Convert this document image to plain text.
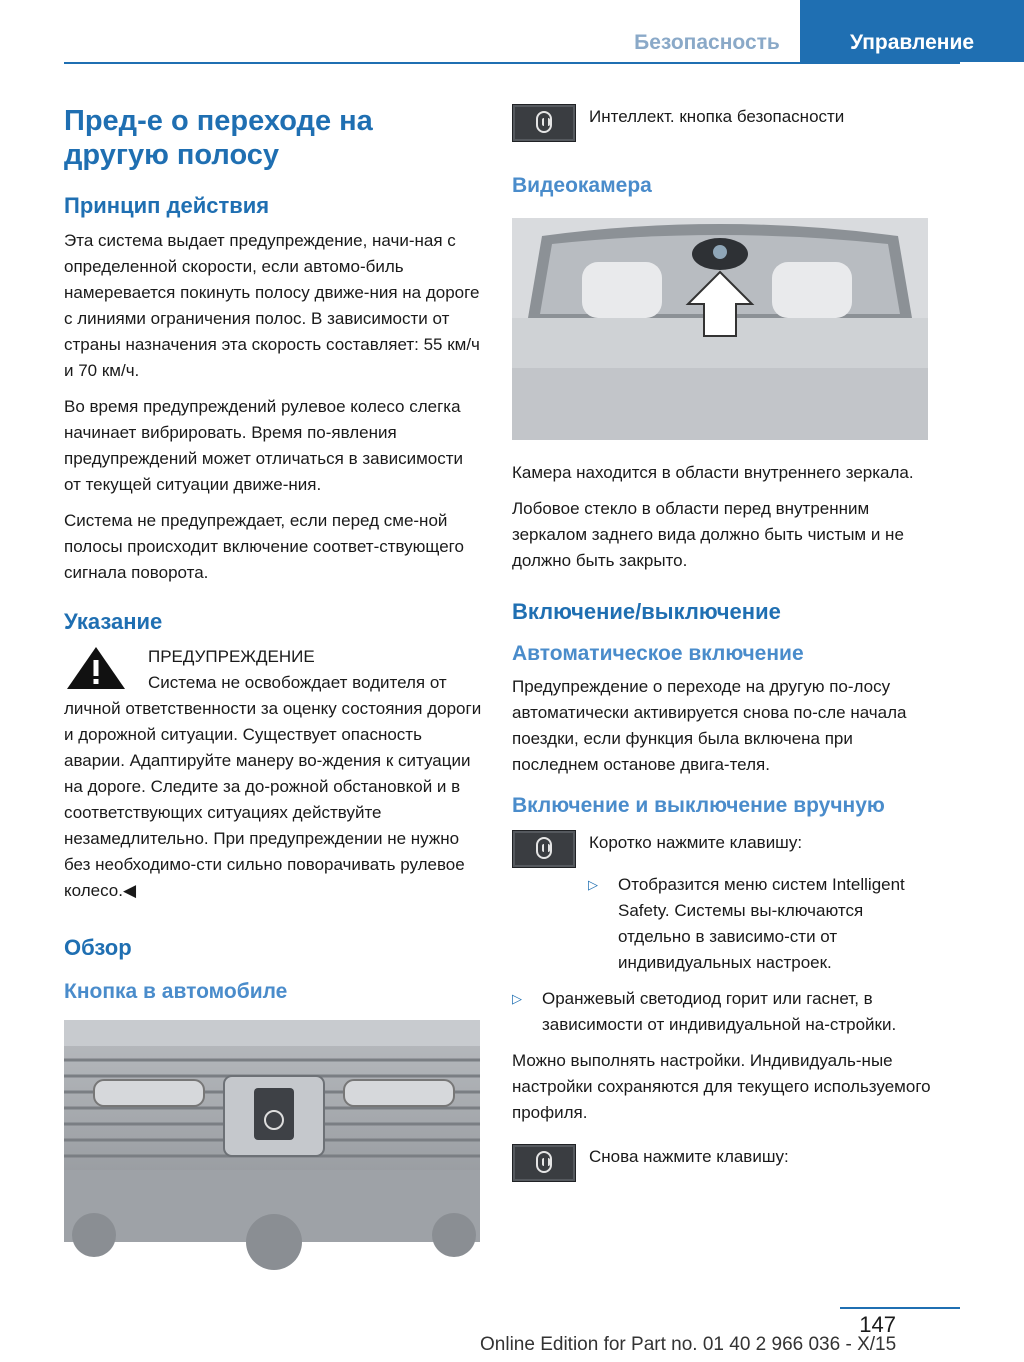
Безопасность	Управление
Пред-е о переходе на другую полосу
Принцип действия

Эта система выдает предупреждение, начи-ная с определенной скорости, если автомо-биль намеревается покинуть полосу движе-ния на дороге с линиями ограничения полос. В зависимости от страны назначения эта скорость составляет: 55 км/ч и 70 км/ч.

Во время предупреждений рулевое колесо слегка начинает вибрировать. Время по-явления предупреждений может отличаться в зависимости от текущей ситуации движе-ния.

Система не предупреждает, если перед сме-ной полосы происходит включение соответ-ствующего сигнала поворота.

Указание

ПРЕДУПРЕЖДЕНИЕ

Система не освобождает водителя от

личной ответственности за оценку состояния дороги и дорожной ситуации. Существует опасность аварии. Адаптируйте манеру во-ждения к ситуации на дороге. Следите за до-рожной обстановкой и в соответствующих ситуациях действуйте незамедлительно. При предупреждении не нужно без необходимо-сти сильно поворачивать рулевое колесо.◀

Обзор
Кнопка в автомобиле

Интеллект. кнопка безопасности

Видеокамера

Камера находится в области внутреннего зеркала.

Лобовое стекло в области перед внутренним зеркалом заднего вида должно быть чистым и не должно быть закрыто.

Включение/выключение
Автоматическое включение

Предупреждение о переходе на другую по-лосу автоматически активируется снова по-сле начала поездки, если функция была включена при последнем останове двига-теля.

Включение и выключение вручную

Коротко нажмите клавишу:

▷	Отобразится меню систем Intelligent Safety. Системы вы-ключаются отдельно в зависимо-сти от индивидуальных настроек.

▷	Оранжевый светодиод горит или гаснет, в зависимости от индивидуальной на-стройки.

Можно выполнять настройки. Индивидуаль-ные настройки сохраняются для текущего используемого профиля.

Снова нажмите клавишу:

147
Online Edition for Part no. 01 40 2 966 036 - X/15
